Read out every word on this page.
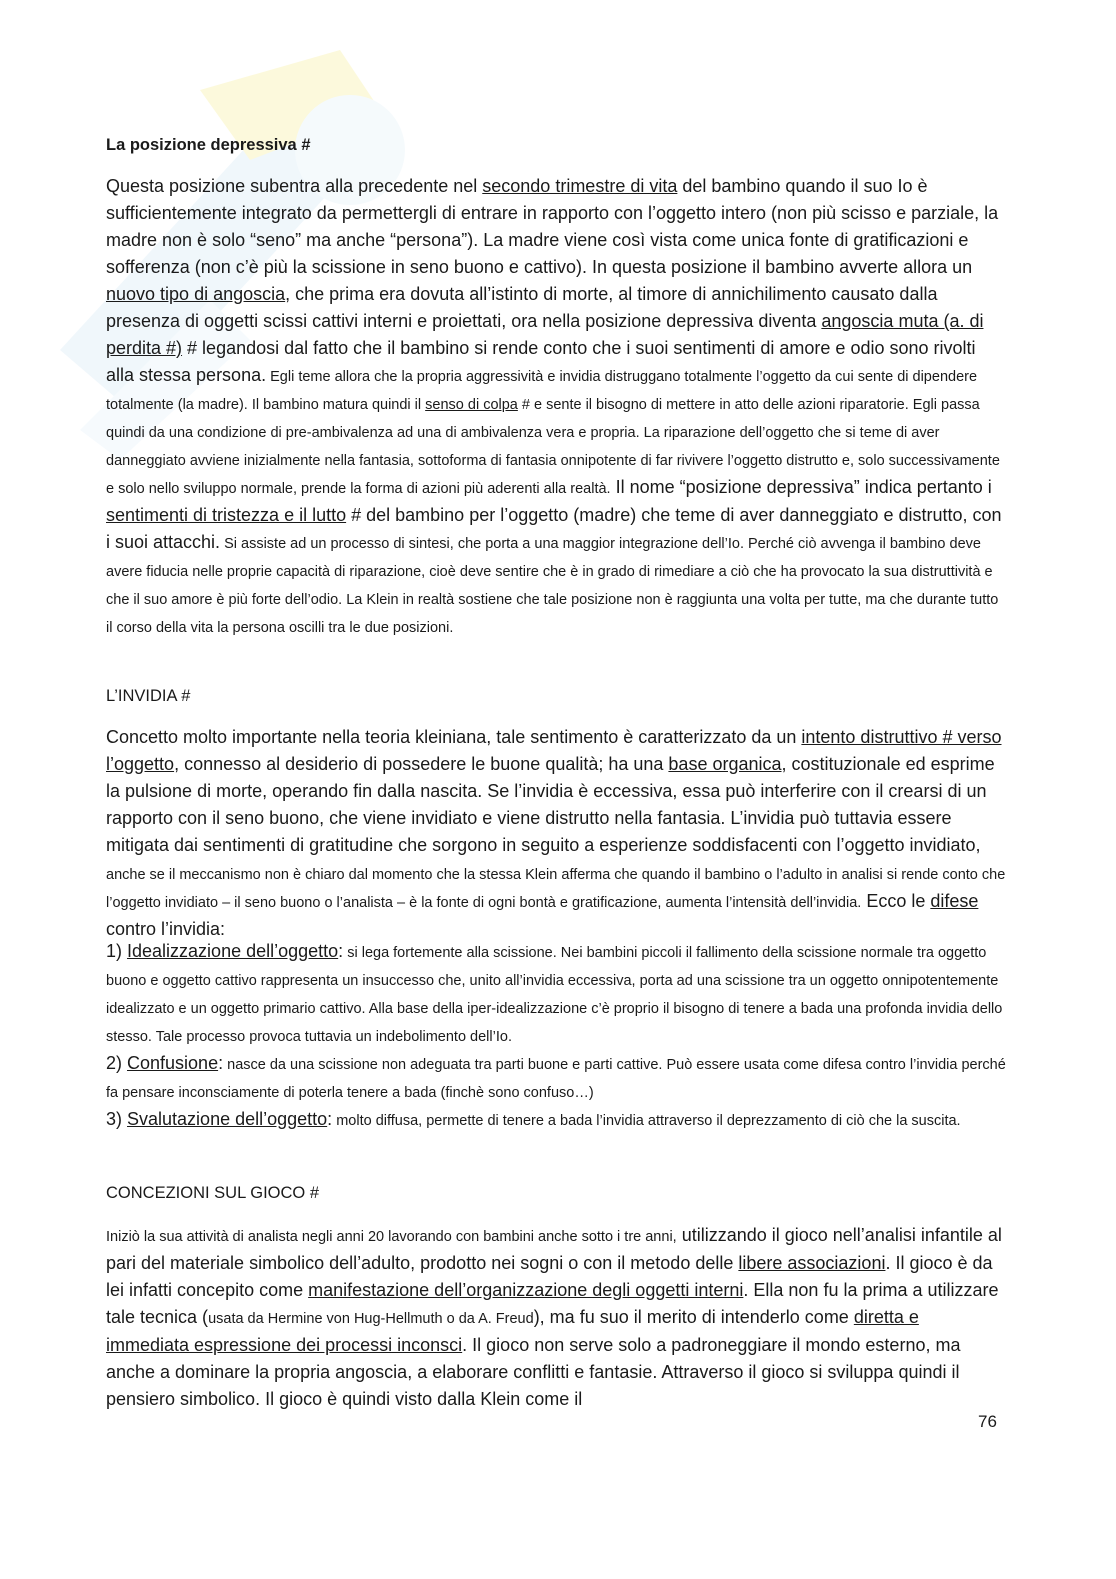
La posizione depressiva #

Questa posizione subentra alla precedente nel secondo trimestre di vita del bambino quando il suo Io è sufficientemente integrato da permettergli di entrare in rapporto con l’oggetto intero (non più scisso e parziale, la madre non è solo “seno” ma anche “persona”). La madre viene così vista come unica fonte di gratificazioni e sofferenza (non c’è più la scissione in seno buono e cattivo). In questa posizione il bambino avverte allora un nuovo tipo di angoscia, che prima era dovuta all’istinto di morte, al timore di annichilimento causato dalla presenza di oggetti scissi cattivi interni e proiettati, ora nella posizione depressiva diventa angoscia muta (a. di perdita #) # legandosi dal fatto che il bambino si rende conto che i suoi sentimenti di amore e odio sono rivolti alla stessa persona. Egli teme allora che la propria aggressività e invidia distruggano totalmente l’oggetto da cui sente di dipendere totalmente (la madre). Il bambino matura quindi il senso di colpa # e sente il bisogno di mettere in atto delle azioni riparatorie. Egli passa quindi da una condizione di pre-ambivalenza ad una di ambivalenza vera e propria. La riparazione dell’oggetto che si teme di aver danneggiato avviene inizialmente nella fantasia, sottoforma di fantasia onnipotente di far rivivere l’oggetto distrutto e, solo successivamente e solo nello sviluppo normale, prende la forma di azioni più aderenti alla realtà. Il nome “posizione depressiva” indica pertanto i sentimenti di tristezza e il lutto # del bambino per l’oggetto (madre) che teme di aver danneggiato e distrutto, con i suoi attacchi. Si assiste ad un processo di sintesi, che porta a una maggior integrazione dell’Io. Perché ciò avvenga il bambino deve avere fiducia nelle proprie capacità di riparazione, cioè deve sentire che è in grado di rimediare a ciò che ha provocato la sua distruttività e che il suo amore è più forte dell’odio. La Klein in realtà sostiene che tale posizione non è raggiunta una volta per tutte, ma che durante tutto il corso della vita la persona oscilli tra le due posizioni.

L’INVIDIA #

Concetto molto importante nella teoria kleiniana, tale sentimento è caratterizzato da un intento distruttivo # verso l’oggetto, connesso al desiderio di possedere le buone qualità; ha una base organica, costituzionale ed esprime la pulsione di morte, operando fin dalla nascita. Se l’invidia è eccessiva, essa può interferire con il crearsi di un rapporto con il seno buono, che viene invidiato e viene distrutto nella fantasia. L’invidia può tuttavia essere mitigata dai sentimenti di gratitudine che sorgono in seguito a esperienze soddisfacenti con l’oggetto invidiato, anche se il meccanismo non è chiaro dal momento che la stessa Klein afferma che quando il bambino o l’adulto in analisi si rende conto che l’oggetto invidiato – il seno buono o l’analista – è la fonte di ogni bontà e gratificazione, aumenta l’intensità dell’invidia. Ecco le difese contro l’invidia:

1) Idealizzazione dell’oggetto: si lega fortemente alla scissione. Nei bambini piccoli il fallimento della scissione normale tra oggetto buono e oggetto cattivo rappresenta un insuccesso che, unito all’invidia eccessiva, porta ad una scissione tra un oggetto onnipotentemente idealizzato e un oggetto primario cattivo. Alla base della iper-idealizzazione c’è proprio il bisogno di tenere a bada una profonda invidia dello stesso. Tale processo provoca tuttavia un indebolimento dell’Io.

2) Confusione: nasce da una scissione non adeguata tra parti buone e parti cattive. Può essere usata come difesa contro l’invidia perché fa pensare inconsciamente di poterla tenere a bada (finchè sono confuso…)

3) Svalutazione dell’oggetto: molto diffusa, permette di tenere a bada l’invidia attraverso il deprezzamento di ciò che la suscita.

CONCEZIONI SUL GIOCO #

Iniziò la sua attività di analista negli anni 20 lavorando con bambini anche sotto i tre anni, utilizzando il gioco nell’analisi infantile al pari del materiale simbolico dell’adulto, prodotto nei sogni o con il metodo delle libere associazioni. Il gioco è da lei infatti concepito come manifestazione dell’organizzazione degli oggetti interni. Ella non fu la prima a utilizzare tale tecnica (usata da Hermine von Hug-Hellmuth o da A. Freud), ma fu suo il merito di intenderlo come diretta e immediata espressione dei processi inconsci. Il gioco non serve solo a padroneggiare il mondo esterno, ma anche a dominare la propria angoscia, a elaborare conflitti e fantasie. Attraverso il gioco si sviluppa quindi il pensiero simbolico. Il gioco è quindi visto dalla Klein come il

76
